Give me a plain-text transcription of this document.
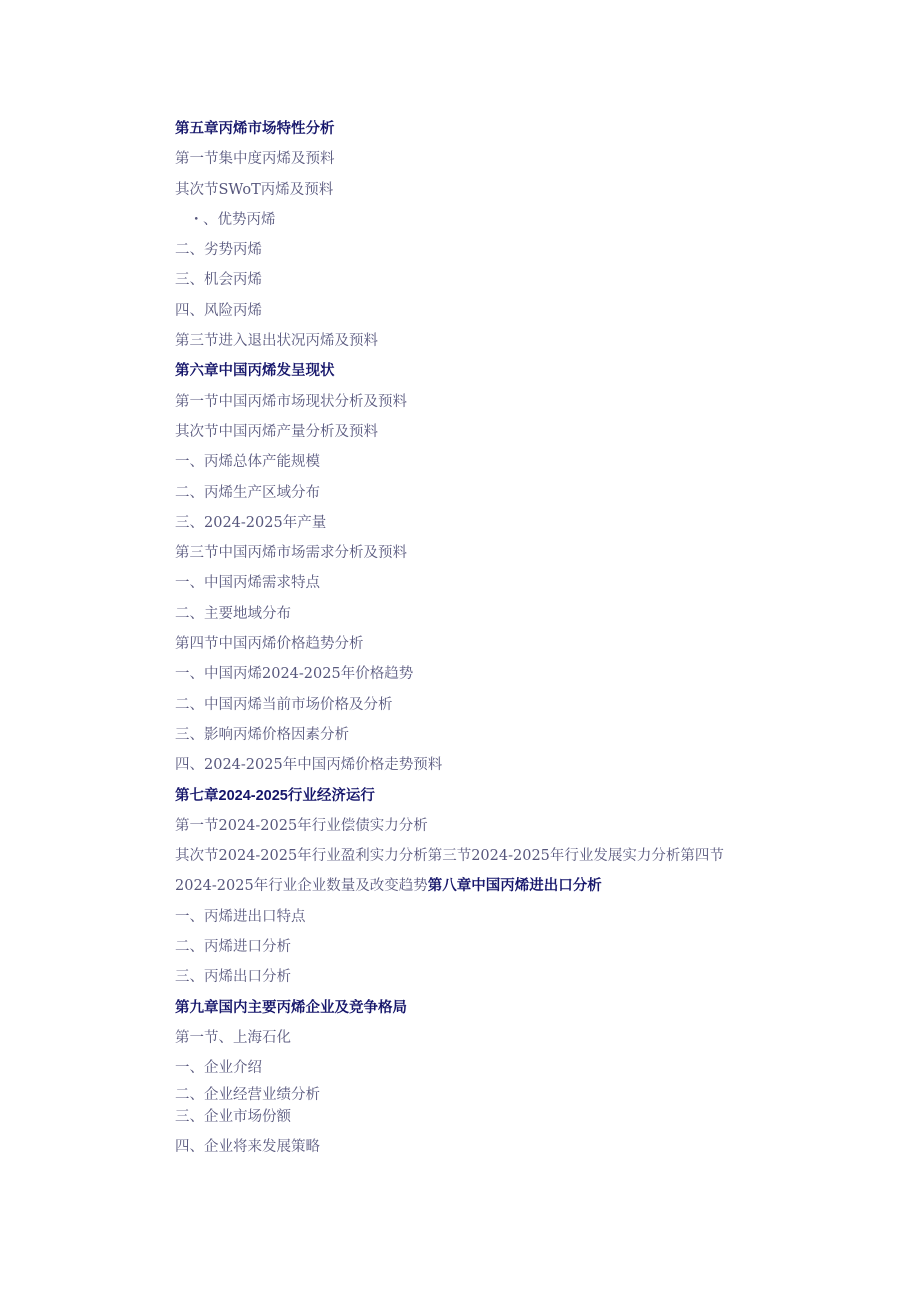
第五章丙烯市场特性分析
第一节集中度丙烯及预料
其次节SWoT丙烯及预料
・、优势丙烯
二、劣势丙烯
三、机会丙烯
四、风险丙烯
第三节进入退出状况丙烯及预料
第六章中国丙烯发呈现状
第一节中国丙烯市场现状分析及预料
其次节中国丙烯产量分析及预料
一、丙烯总体产能规模
二、丙烯生产区域分布
三、2024-2025年产量
第三节中国丙烯市场需求分析及预料
一、中国丙烯需求特点
二、主要地域分布
第四节中国丙烯价格趋势分析
一、中国丙烯2024-2025年价格趋势
二、中国丙烯当前市场价格及分析
三、影响丙烯价格因素分析
四、2024-2025年中国丙烯价格走势预料
第七章2024-2025行业经济运行
第一节2024-2025年行业偿债实力分析
其次节2024-2025年行业盈利实力分析第三节2024-2025年行业发展实力分析第四节2024-2025年行业企业数量及改变趋势第八章中国丙烯进出口分析
一、丙烯进出口特点
二、丙烯进口分析
三、丙烯出口分析
第九章国内主要丙烯企业及竞争格局
第一节、上海石化
一、企业介绍
二、企业经营业绩分析
三、企业市场份额
四、企业将来发展策略
